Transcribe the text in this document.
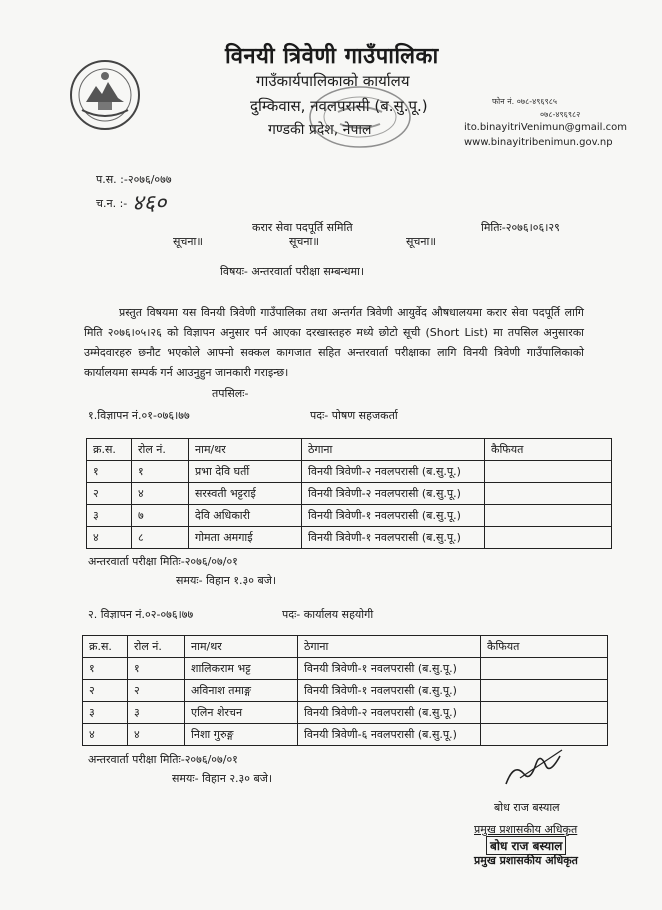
विनयी त्रिवेणी गाउँपालिका
गाउँकार्यपालिकाको कार्यालय
दुम्किवास, नवलपरासी (ब.सु.पू.)
गण्डकी प्रदेश, नेपाल
फोन नं. ०७८-४९६९८५
०७८-४९६९८२
ito.binayitriVenimun@gmail.com
www.binayitribenimun.gov.np
प.स. :-२०७६/०७७
च.न. :- ४६०
करार सेवा पदपूर्ति समिति	मितिः-२०७६।०६।२९
सूचना॥	सूचना॥	सूचना॥
विषयः- अन्तरवार्ता परीक्षा सम्बन्धमा।
प्रस्तुत विषयमा यस विनयी त्रिवेणी गाउँपालिका तथा अन्तर्गत त्रिवेणी आयुर्वेद औषधालयमा करार सेवा पदपूर्ति लागि मिति २०७६।०५।२६ को विज्ञापन अनुसार पर्न आएका दरखास्तहरु मध्ये छोटो सूची (Short List) मा तपसिल अनुसारका उम्मेदवारहरु छनौट भएकोले आफ्नो सक्कल कागजात सहित अन्तरवार्ता परीक्षाका लागि विनयी त्रिवेणी गाउँपालिकाको कार्यालयमा सम्पर्क गर्न आउनुहुन जानकारी गराइन्छ।
तपसिलः-
१.विज्ञापन नं.०१-०७६।७७	पदः- पोषण सहजकर्ता
क्र.स.	रोल नं.	नाम/थर	ठेगाना	कैफियत
१	१	प्रभा देवि घर्ती	विनयी त्रिवेणी-२ नवलपरासी (ब.सु.पू.)	
२	४	सरस्वती भट्टराई	विनयी त्रिवेणी-२ नवलपरासी (ब.सु.पू.)	
३	७	देवि अधिकारी	विनयी त्रिवेणी-१ नवलपरासी (ब.सु.पू.)	
४	८	गोमता अमगाई	विनयी त्रिवेणी-१ नवलपरासी (ब.सु.पू.)	
अन्तरवार्ता परीक्षा मितिः-२०७६/०७/०१
समयः- विहान १.३० बजे।
२. विज्ञापन नं.०२-०७६।७७	पदः- कार्यालय सहयोगी
क्र.स.	रोल नं.	नाम/थर	ठेगाना	कैफियत
१	१	शालिकराम भट्ट	विनयी त्रिवेणी-१ नवलपरासी (ब.सु.पू.)	
२	२	अविनाश तमाङ्ग	विनयी त्रिवेणी-१ नवलपरासी (ब.सु.पू.)	
३	३	एलिन शेरचन	विनयी त्रिवेणी-२ नवलपरासी (ब.सु.पू.)	
४	४	निशा गुरुङ्ग	विनयी त्रिवेणी-६ नवलपरासी (ब.सु.पू.)	
अन्तरवार्ता परीक्षा मितिः-२०७६/०७/०१
समयः- विहान २.३० बजे।
बोध राज बस्याल
प्रमुख प्रशासकीय अधिकृत
बोध राज बस्याल
प्रमुख प्रशासकीय अधिकृत
